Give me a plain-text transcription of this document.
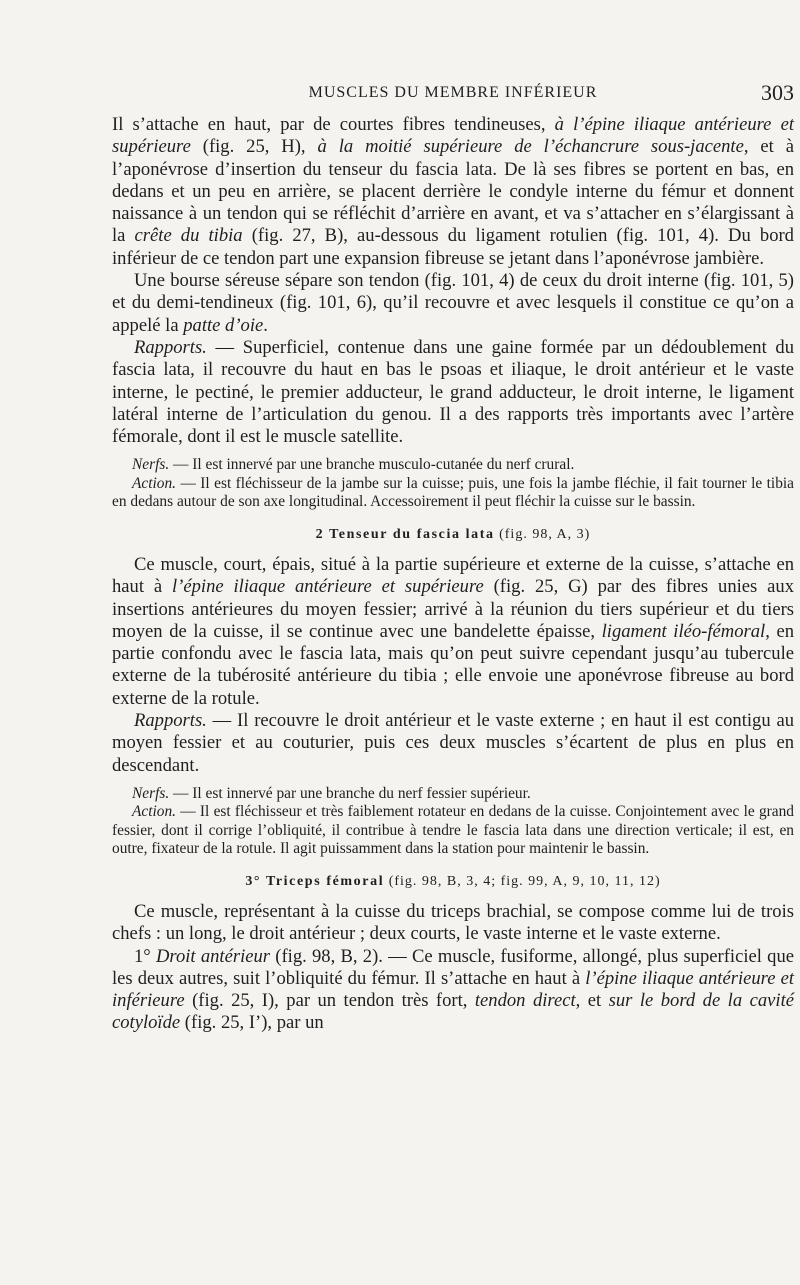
MUSCLES DU MEMBRE INFÉRIEUR	303

Il s’attache en haut, par de courtes fibres tendineuses, à l’épine iliaque antérieure et supérieure (fig. 25, H), à la moitié supérieure de l’échancrure sous-jacente, et à l’aponévrose d’insertion du tenseur du fascia lata. De là ses fibres se portent en bas, en dedans et un peu en arrière, se placent derrière le condyle interne du fémur et donnent naissance à un tendon qui se réfléchit d’arrière en avant, et va s’attacher en s’élargissant à la crête du tibia (fig. 27, B), au-dessous du ligament rotulien (fig. 101, 4). Du bord inférieur de ce tendon part une expansion fibreuse se jetant dans l’aponévrose jambière.

Une bourse séreuse sépare son tendon (fig. 101, 4) de ceux du droit interne (fig. 101, 5) et du demi-tendineux (fig. 101, 6), qu’il recouvre et avec lesquels il constitue ce qu’on a appelé la patte d’oie.

Rapports. — Superficiel, contenue dans une gaine formée par un dédoublement du fascia lata, il recouvre du haut en bas le psoas et iliaque, le droit antérieur et le vaste interne, le pectiné, le premier adducteur, le grand adducteur, le droit interne, le ligament latéral interne de l’articulation du genou. Il a des rapports très importants avec l’artère fémorale, dont il est le muscle satellite.

Nerfs. — Il est innervé par une branche musculo-cutanée du nerf crural.

Action. — Il est fléchisseur de la jambe sur la cuisse; puis, une fois la jambe fléchie, il fait tourner le tibia en dedans autour de son axe longitudinal. Accessoirement il peut fléchir la cuisse sur le bassin.

2 Tenseur du fascia lata (fig. 98, A, 3)

Ce muscle, court, épais, situé à la partie supérieure et externe de la cuisse, s’attache en haut à l’épine iliaque antérieure et supérieure (fig. 25, G) par des fibres unies aux insertions antérieures du moyen fessier; arrivé à la réunion du tiers supérieur et du tiers moyen de la cuisse, il se continue avec une bandelette épaisse, ligament iléo-fémoral, en partie confondu avec le fascia lata, mais qu’on peut suivre cependant jusqu’au tubercule externe de la tubérosité antérieure du tibia ; elle envoie une aponévrose fibreuse au bord externe de la rotule.

Rapports. — Il recouvre le droit antérieur et le vaste externe ; en haut il est contigu au moyen fessier et au couturier, puis ces deux muscles s’écartent de plus en plus en descendant.

Nerfs. — Il est innervé par une branche du nerf fessier supérieur.

Action. — Il est fléchisseur et très faiblement rotateur en dedans de la cuisse. Conjointement avec le grand fessier, dont il corrige l’obliquité, il contribue à tendre le fascia lata dans une direction verticale; il est, en outre, fixateur de la rotule. Il agit puissamment dans la station pour maintenir le bassin.

3° Triceps fémoral (fig. 98, B, 3, 4; fig. 99, A, 9, 10, 11, 12)

Ce muscle, représentant à la cuisse du triceps brachial, se compose comme lui de trois chefs : un long, le droit antérieur ; deux courts, le vaste interne et le vaste externe.

1° Droit antérieur (fig. 98, B, 2). — Ce muscle, fusiforme, allongé, plus superficiel que les deux autres, suit l’obliquité du fémur. Il s’attache en haut à l’épine iliaque antérieure et inférieure (fig. 25, I), par un tendon très fort, tendon direct, et sur le bord de la cavité cotyloïde (fig. 25, I’), par un
